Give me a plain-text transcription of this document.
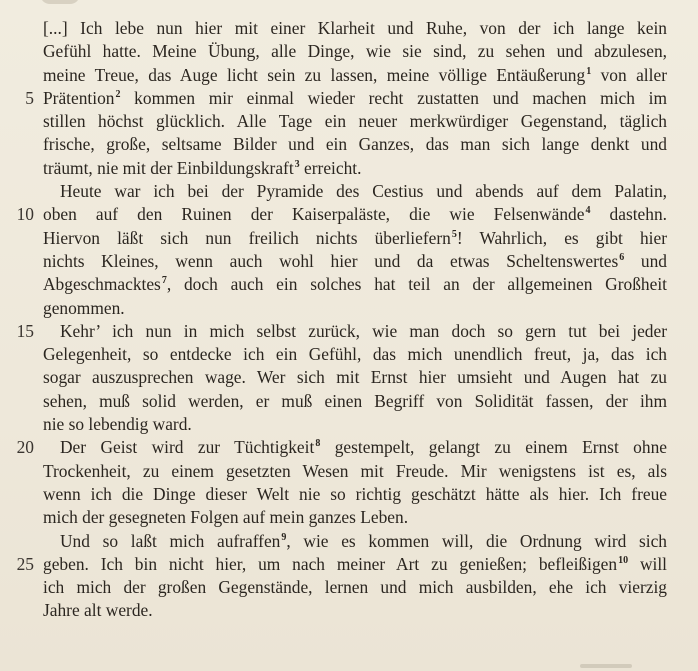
[...] Ich lebe nun hier mit einer Klarheit und Ruhe, von der ich lange kein
Gefühl hatte. Meine Übung, alle Dinge, wie sie sind, zu sehen und abzulesen,
meine Treue, das Auge licht sein zu lassen, meine völlige Entäußerung$^1$ von aller
5 Prätention$^2$ kommen mir einmal wieder recht zustatten und machen mich im
stillen höchst glücklich. Alle Tage ein neuer merkwürdiger Gegenstand, täglich
frische, große, seltsame Bilder und ein Ganzes, das man sich lange denkt und
träumt, nie mit der Einbildungskraft$^3$ erreicht.
Heute war ich bei der Pyramide des Cestius und abends auf dem Palatin,
10 oben auf den Ruinen der Kaiserpaläste, die wie Felsenwände$^4$ dastehn.
Hiervon läßt sich nun freilich nichts überliefern$^5$! Wahrlich, es gibt hier
nichts Kleines, wenn auch wohl hier und da etwas Scheltenswertes$^6$ und
Abgeschmacktes$^7$, doch auch ein solches hat teil an der allgemeinen Großheit
genommen.
15 Kehr’ ich nun in mich selbst zurück, wie man doch so gern tut bei jeder
Gelegenheit, so entdecke ich ein Gefühl, das mich unendlich freut, ja, das ich
sogar auszusprechen wage. Wer sich mit Ernst hier umsieht und Augen hat zu
sehen, muß solid werden, er muß einen Begriff von Solidität fassen, der ihm
nie so lebendig ward.
20 Der Geist wird zur Tüchtigkeit$^8$ gestempelt, gelangt zu einem Ernst ohne
Trockenheit, zu einem gesetzten Wesen mit Freude. Mir wenigstens ist es, als
wenn ich die Dinge dieser Welt nie so richtig geschätzt hätte als hier. Ich freue
mich der gesegneten Folgen auf mein ganzes Leben.
Und so laßt mich aufraffen$^9$, wie es kommen will, die Ordnung wird sich
25 geben. Ich bin nicht hier, um nach meiner Art zu genießen; befleißigen$^{10}$ will
ich mich der großen Gegenstände, lernen und mich ausbilden, ehe ich vierzig
Jahre alt werde.
